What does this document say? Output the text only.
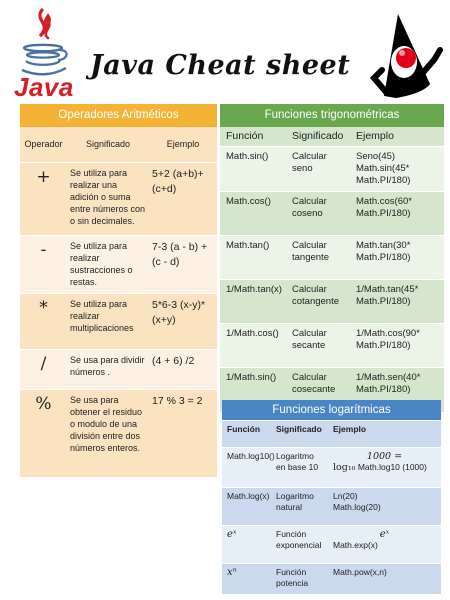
Java
Java Cheat sheet
Operadores Aritméticos
Operador	Significado	Ejemplo
+	Se utiliza para realizar una adición o suma entre números con o sin decimales.	5+2 (a+b)+(c+d)
-	Se utiliza para realizar sustracciones o restas.	7-3 (a - b) + (c - d)
*	Se utiliza para realizar multiplicaciones	5*6-3 (x-y)*(x+y)
/	Se usa para dividir números .	(4 + 6) /2
%	Se usa para obtener el residuo o modulo de una división entre dos números enteros.	17 % 3 = 2
Funciones trigonométricas
Función	Significado	Ejemplo
Math.sin()	Calcular seno	Seno(45) Math.sin(45* Math.PI/180)
Math.cos()	Calcular coseno	Math.cos(60* Math.PI/180)
Math.tan()	Calcular tangente	Math.tan(30* Math.PI/180)
1/Math.tan(x)	Calcular cotangente	1/Math.tan(45* Math.PI/180)
1/Math.cos()	Calcular secante	1/Math.cos(90* Math.PI/180)
1/Math.sin()	Calcular cosecante	1/Math.sen(40* Math.PI/180)
Funciones logarítmicas
Función	Significado	Ejemplo
Math.log10()	Logaritmo en base 10	1000 =
log₁₀ Math.log10 (1000)
Math.log(x)	Logaritmo natural	Ln(20)
Math.log(20)

eˣ	Función exponencial	eˣ
Math.exp(x)

xⁿ	Función potencia	Math.pow(x,n)
